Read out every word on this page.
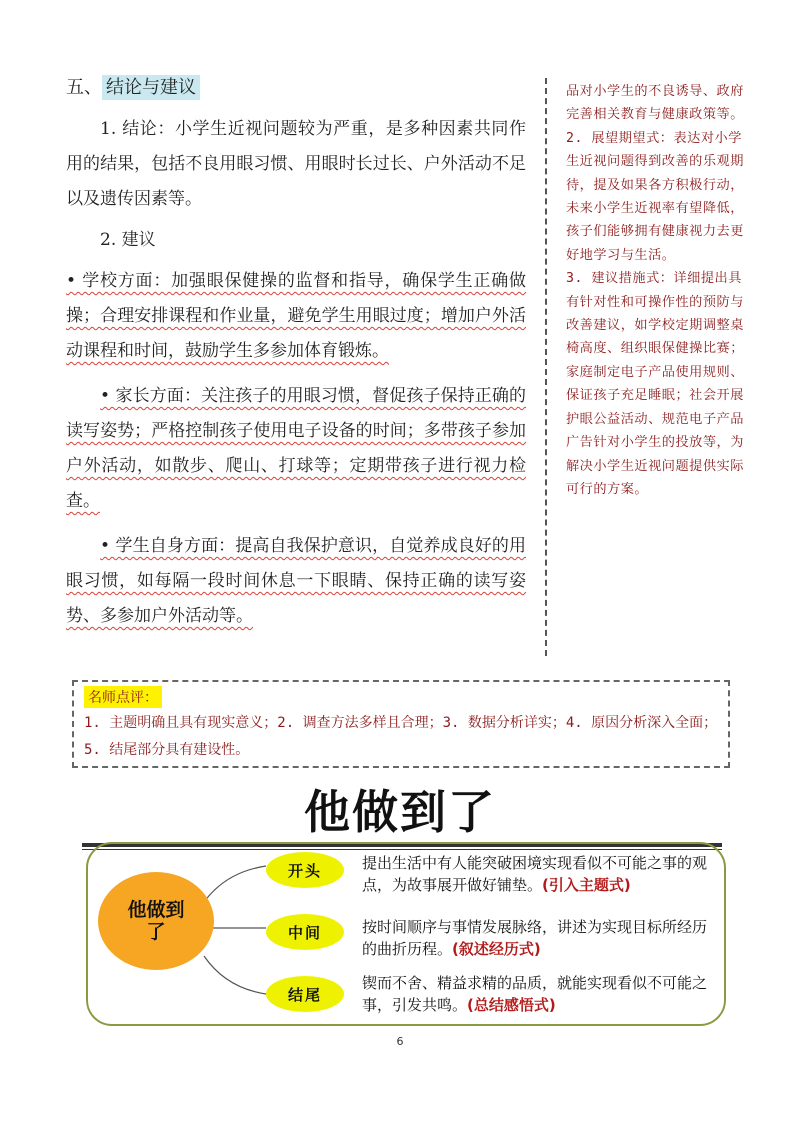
五、 结论与建议

1. 结论：小学生近视问题较为严重，是多种因素共同作用的结果，包括不良用眼习惯、用眼时长过长、户外活动不足以及遗传因素等。

2. 建议

• 学校方面：加强眼保健操的监督和指导，确保学生正确做操；合理安排课程和作业量，避免学生用眼过度；增加户外活动课程和时间，鼓励学生多参加体育锻炼。

• 家长方面：关注孩子的用眼习惯，督促孩子保持正确的读写姿势；严格控制孩子使用电子设备的时间；多带孩子参加户外活动，如散步、爬山、打球等；定期带孩子进行视力检查。

• 学生自身方面：提高自我保护意识，自觉养成良好的用眼习惯，如每隔一段时间休息一下眼睛、保持正确的读写姿势、多参加户外活动等。

品对小学生的不良诱导、政府完善相关教育与健康政策等。

2. 展望期望式：表达对小学生近视问题得到改善的乐观期待，提及如果各方积极行动，未来小学生近视率有望降低，孩子们能够拥有健康视力去更好地学习与生活。

3. 建议措施式：详细提出具有针对性和可操作性的预防与改善建议，如学校定期调整桌椅高度、组织眼保健操比赛；家庭制定电子产品使用规则、保证孩子充足睡眠；社会开展护眼公益活动、规范电子产品广告针对小学生的投放等，为解决小学生近视问题提供实际可行的方案。

名师点评：
1. 主题明确且具有现实意义；2. 调查方法多样且合理；3. 数据分析详实；4. 原因分析深入全面；5. 结尾部分具有建设性。
他做到了
他做到了
开头	提出生活中有人能突破困境实现看似不可能之事的观点，为故事展开做好铺垫。(引入主题式)
中间	按时间顺序与事情发展脉络，讲述为实现目标所经历的曲折历程。(叙述经历式)
结尾
锲而不舍、精益求精的品质，就能实现看似不可能之事，引发共鸣。(总结感悟式)
6
